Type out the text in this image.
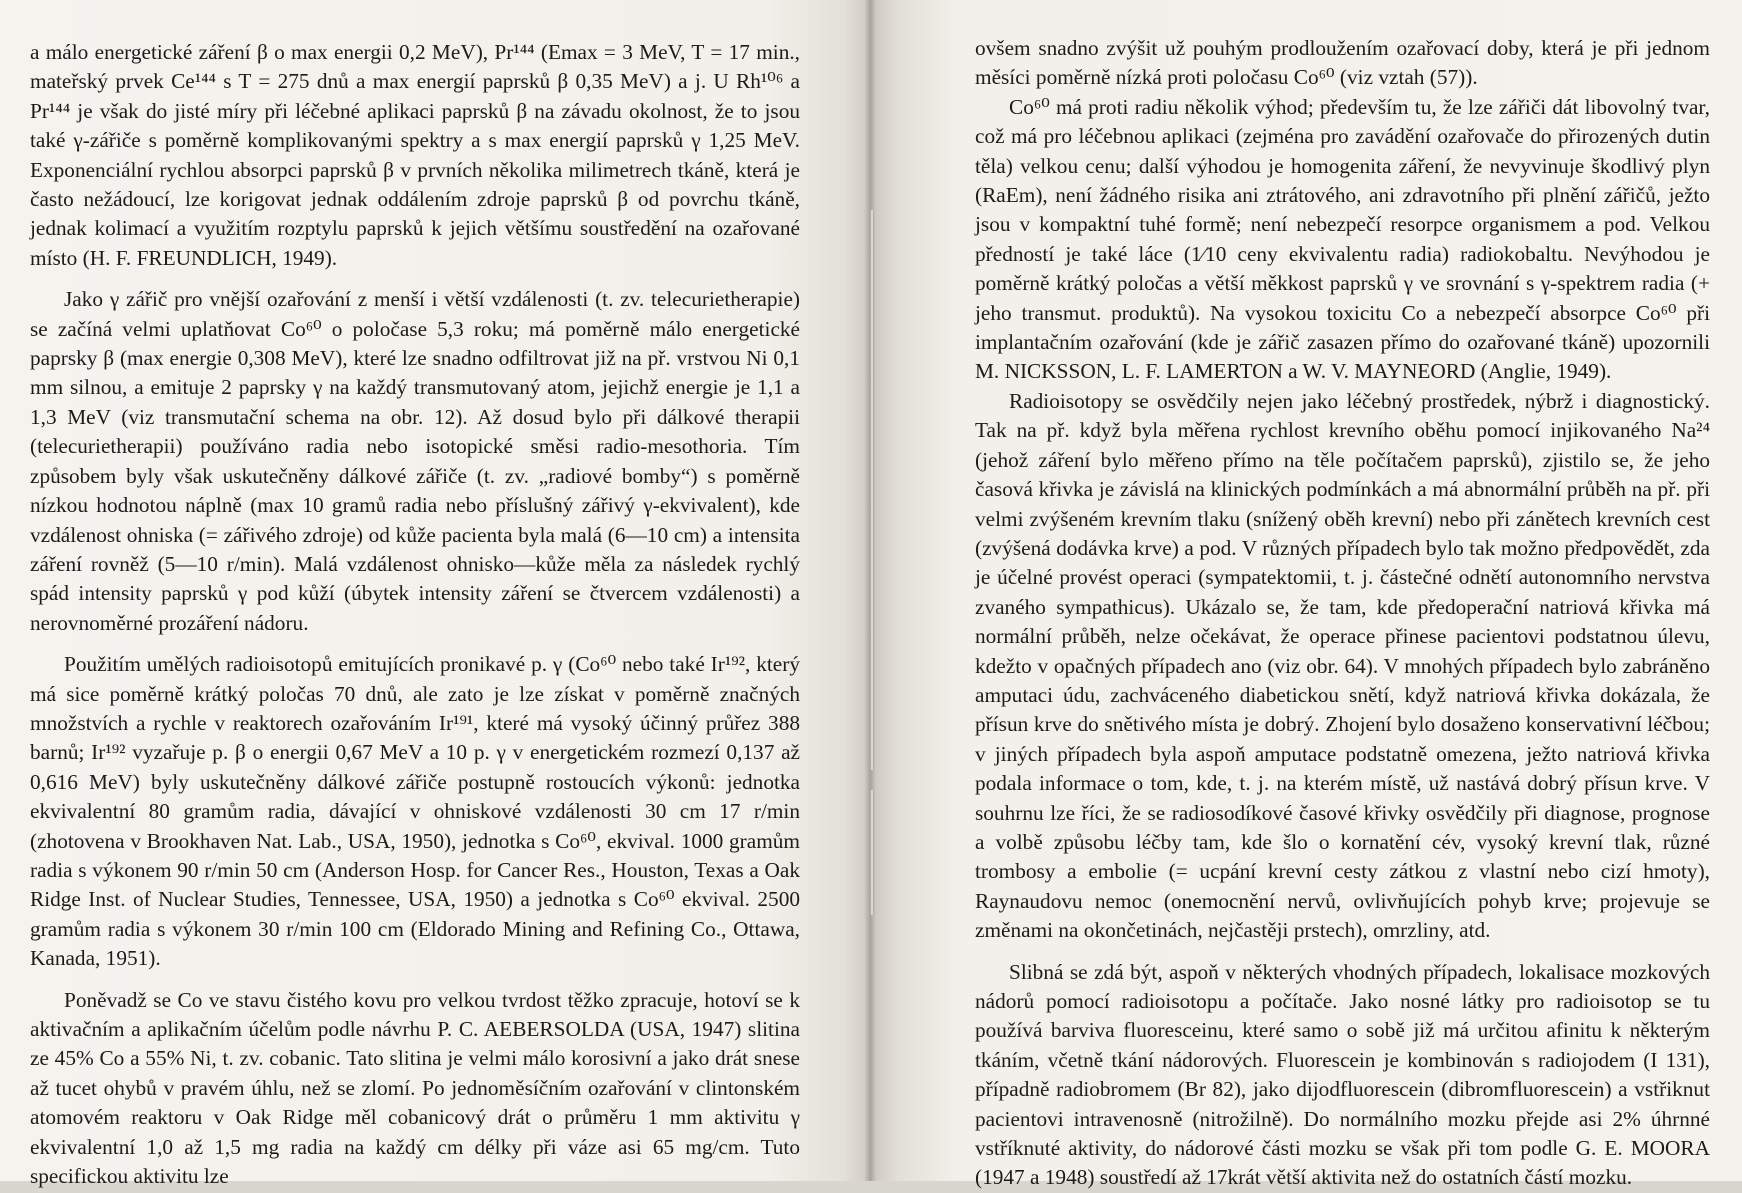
a málo energetické záření β o max energii 0,2 MeV), Pr¹⁴⁴ (Emax = 3 MeV, T = 17 min., mateřský prvek Ce¹⁴⁴ s T = 275 dnů a max energií paprsků β 0,35 MeV) a j. U Rh¹⁰⁶ a Pr¹⁴⁴ je však do jisté míry při léčebné aplikaci paprsků β na závadu okolnost, že to jsou také γ-zářiče s poměrně komplikovanými spektry a s max energií paprsků γ 1,25 MeV. Exponenciální rychlou absorpci paprsků β v prvních několika milimetrech tkáně, která je často nežádoucí, lze korigovat jednak oddálením zdroje paprsků β od povrchu tkáně, jednak kolimací a využitím rozptylu paprsků k jejich většímu soustředění na ozařované místo (H. F. FREUNDLICH, 1949).

Jako γ zářič pro vnější ozařování z menší i větší vzdálenosti (t. zv. telecurietherapie) se začíná velmi uplatňovat Co⁶⁰ o poločase 5,3 roku; má poměrně málo energetické paprsky β (max energie 0,308 MeV), které lze snadno odfiltrovat již na př. vrstvou Ni 0,1 mm silnou, a emituje 2 paprsky γ na každý transmutovaný atom, jejichž energie je 1,1 a 1,3 MeV (viz transmutační schema na obr. 12). Až dosud bylo při dálkové therapii (telecurietherapii) používáno radia nebo isotopické směsi radio-mesothoria. Tím způsobem byly však uskutečněny dálkové zářiče (t. zv. „radiové bomby“) s poměrně nízkou hodnotou náplně (max 10 gramů radia nebo příslušný zářivý γ-ekvivalent), kde vzdálenost ohniska (= zářivého zdroje) od kůže pacienta byla malá (6—10 cm) a intensita záření rovněž (5—10 r/min). Malá vzdálenost ohnisko—kůže měla za následek rychlý spád intensity paprsků γ pod kůží (úbytek intensity záření se čtvercem vzdálenosti) a nerovnoměrné prozáření nádoru.

Použitím umělých radioisotopů emitujících pronikavé p. γ (Co⁶⁰ nebo také Ir¹⁹², který má sice poměrně krátký poločas 70 dnů, ale zato je lze získat v poměrně značných množstvích a rychle v reaktorech ozařováním Ir¹⁹¹, které má vysoký účinný průřez 388 barnů; Ir¹⁹² vyzařuje p. β o energii 0,67 MeV a 10 p. γ v energetickém rozmezí 0,137 až 0,616 MeV) byly uskutečněny dálkové zářiče postupně rostoucích výkonů: jednotka ekvivalentní 80 gramům radia, dávající v ohniskové vzdálenosti 30 cm 17 r/min (zhotovena v Brookhaven Nat. Lab., USA, 1950), jednotka s Co⁶⁰, ekvival. 1000 gramům radia s výkonem 90 r/min 50 cm (Anderson Hosp. for Cancer Res., Houston, Texas a Oak Ridge Inst. of Nuclear Studies, Tennessee, USA, 1950) a jednotka s Co⁶⁰ ekvival. 2500 gramům radia s výkonem 30 r/min 100 cm (Eldorado Mining and Refining Co., Ottawa, Kanada, 1951).

Poněvadž se Co ve stavu čistého kovu pro velkou tvrdost těžko zpracuje, hotoví se k aktivačním a aplikačním účelům podle návrhu P. C. AEBERSOLDA (USA, 1947) slitina ze 45% Co a 55% Ni, t. zv. cobanic. Tato slitina je velmi málo korosivní a jako drát snese až tucet ohybů v pravém úhlu, než se zlomí. Po jednoměsíčním ozařování v clintonském atomovém reaktoru v Oak Ridge měl cobanicový drát o průměru 1 mm aktivitu γ ekvivalentní 1,0 až 1,5 mg radia na každý cm délky při váze asi 65 mg/cm. Tuto specifickou aktivitu lze

ovšem snadno zvýšit už pouhým prodloužením ozařovací doby, která je při jednom měsíci poměrně nízká proti poločasu Co⁶⁰ (viz vztah (57)).

Co⁶⁰ má proti radiu několik výhod; především tu, že lze zářiči dát libovolný tvar, což má pro léčebnou aplikaci (zejména pro zavádění ozařovače do přirozených dutin těla) velkou cenu; další výhodou je homogenita záření, že nevyvinuje škodlivý plyn (RaEm), není žádného risika ani ztrátového, ani zdravotního při plnění zářičů, ježto jsou v kompaktní tuhé formě; není nebezpečí resorpce organismem a pod. Velkou předností je také láce (1⁄10 ceny ekvivalentu radia) radiokobaltu. Nevýhodou je poměrně krátký poločas a větší měkkost paprsků γ ve srovnání s γ-spektrem radia (+ jeho transmut. produktů). Na vysokou toxicitu Co a nebezpečí absorpce Co⁶⁰ při implantačním ozařování (kde je zářič zasazen přímo do ozařované tkáně) upozornili M. NICKSSON, L. F. LAMERTON a W. V. MAYNEORD (Anglie, 1949).

Radioisotopy se osvědčily nejen jako léčebný prostředek, nýbrž i diagnostický. Tak na př. když byla měřena rychlost krevního oběhu pomocí injikovaného Na²⁴ (jehož záření bylo měřeno přímo na těle počítačem paprsků), zjistilo se, že jeho časová křivka je závislá na klinických podmínkách a má abnormální průběh na př. při velmi zvýšeném krevním tlaku (snížený oběh krevní) nebo při zánětech krevních cest (zvýšená dodávka krve) a pod. V různých případech bylo tak možno předpovědět, zda je účelné provést operaci (sympatektomii, t. j. částečné odnětí autonomního nervstva zvaného sympathicus). Ukázalo se, že tam, kde předoperační natriová křivka má normální průběh, nelze očekávat, že operace přinese pacientovi podstatnou úlevu, kdežto v opačných případech ano (viz obr. 64). V mnohých případech bylo zabráněno amputaci údu, zachváceného diabetickou snětí, když natriová křivka dokázala, že přísun krve do snětivého místa je dobrý. Zhojení bylo dosaženo konservativní léčbou; v jiných případech byla aspoň amputace podstatně omezena, ježto natriová křivka podala informace o tom, kde, t. j. na kterém místě, už nastává dobrý přísun krve. V souhrnu lze říci, že se radiosodíkové časové křivky osvědčily při diagnose, prognose a volbě způsobu léčby tam, kde šlo o kornatění cév, vysoký krevní tlak, různé trombosy a embolie (= ucpání krevní cesty zátkou z vlastní nebo cizí hmoty), Raynaudovu nemoc (onemocnění nervů, ovlivňujících pohyb krve; projevuje se změnami na okončetinách, nejčastěji prstech), omrzliny, atd.

Slibná se zdá být, aspoň v některých vhodných případech, lokalisace mozkových nádorů pomocí radioisotopu a počítače. Jako nosné látky pro radioisotop se tu používá barviva fluoresceinu, které samo o sobě již má určitou afinitu k některým tkáním, včetně tkání nádorových. Fluorescein je kombinován s radiojodem (I 131), případně radiobromem (Br 82), jako dijodfluorescein (dibromfluorescein) a vstřiknut pacientovi intravenosně (nitrožilně). Do normálního mozku přejde asi 2% úhrnné vstříknuté aktivity, do nádorové části mozku se však při tom podle G. E. MOORA (1947 a 1948) soustředí až 17krát větší aktivita než do ostatních částí mozku.
